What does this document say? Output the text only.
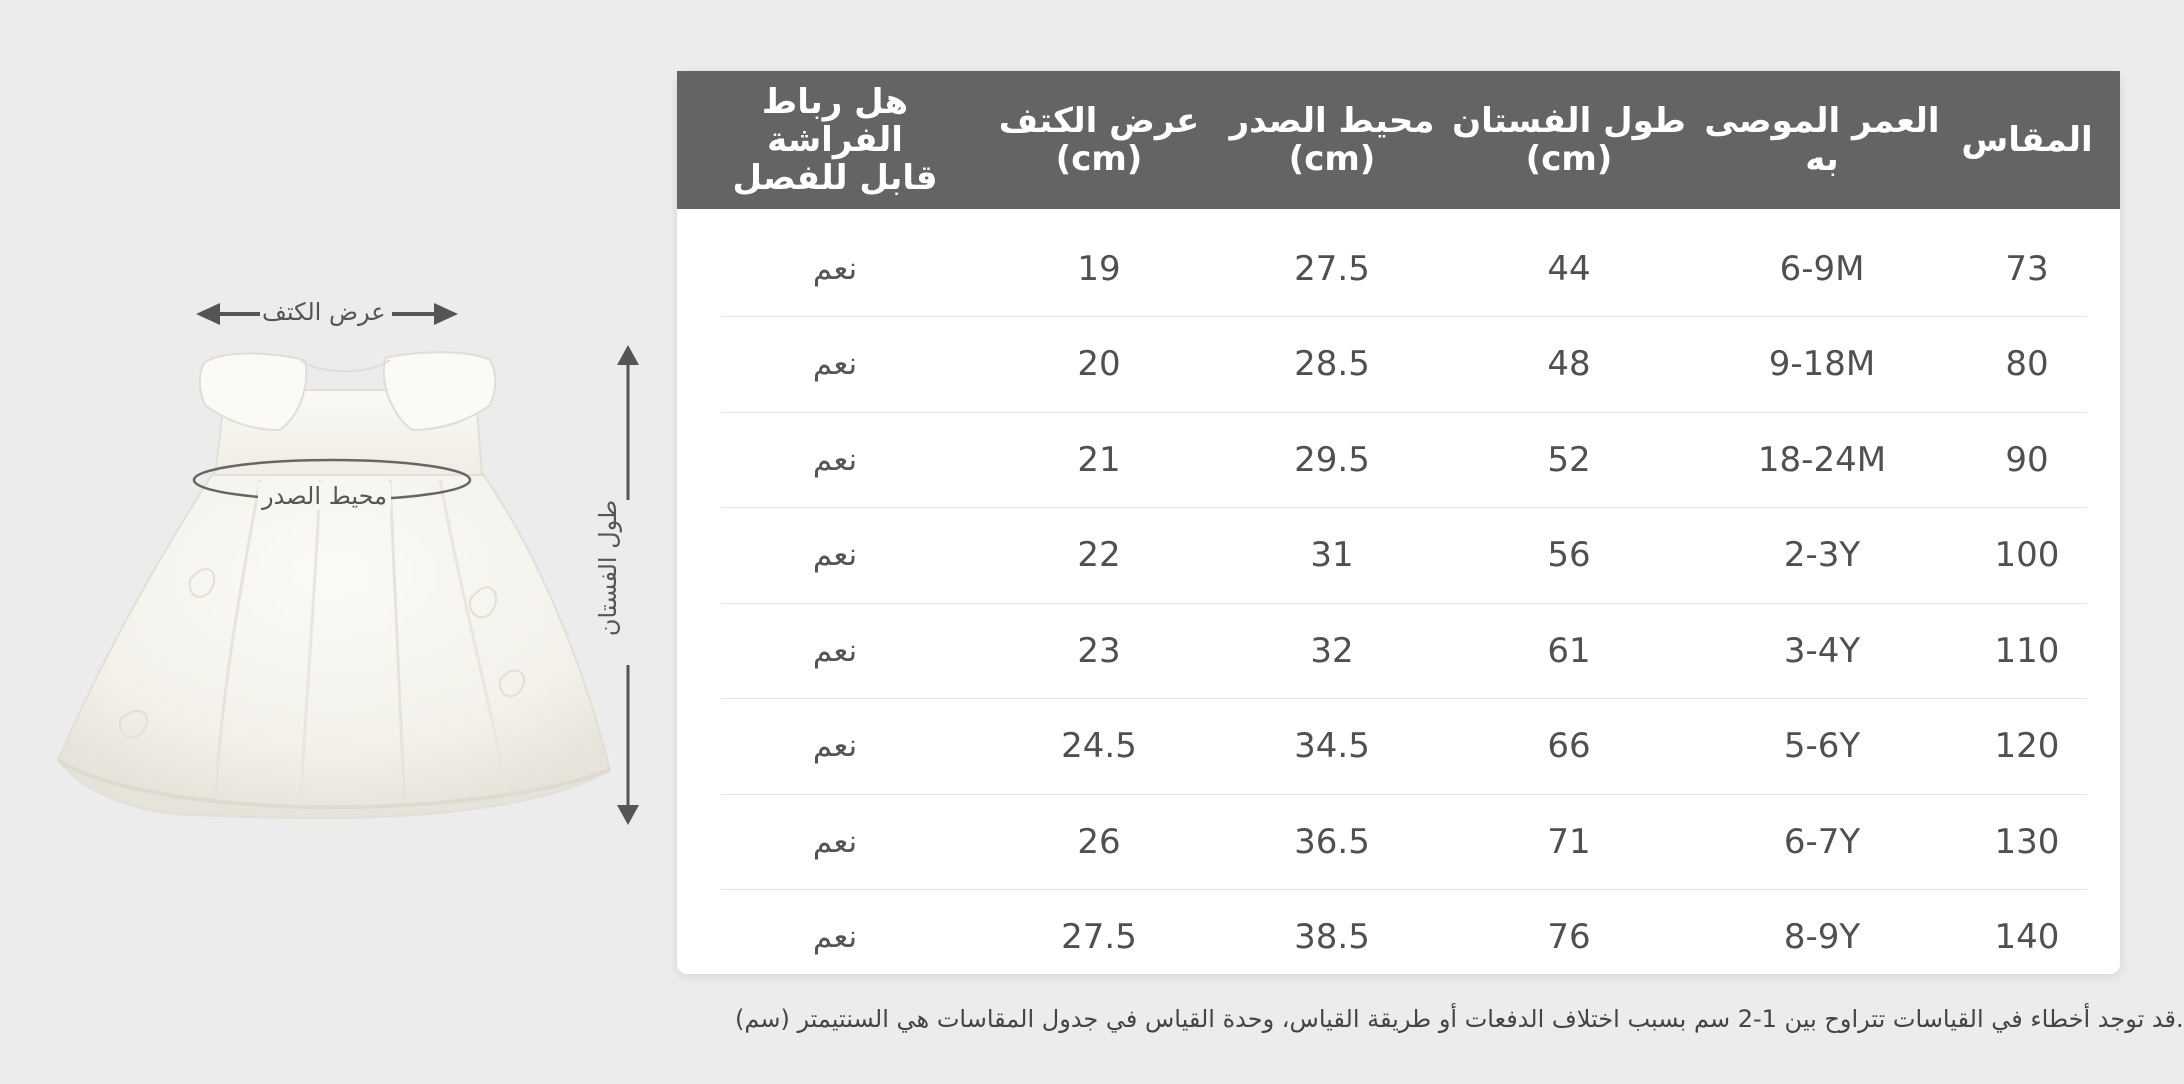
عرض الكتف
محيط الصدر
طول الفستان
المقاس
العمر الموصى به
طول الفستان
(cm)
محيط الصدر
(cm)
عرض الكتف
(cm)
هل رباط الفراشة
قابل للفصل
73
6-9M
44
27.5
19
نعم
80
9-18M
48
28.5
20
نعم
90
18-24M
52
29.5
21
نعم
100
2-3Y
56
31
22
نعم
110
3-4Y
61
32
23
نعم
120
5-6Y
66
34.5
24.5
نعم
130
6-7Y
71
36.5
26
نعم
140
8-9Y
76
38.5
27.5
نعم
قد توجد أخطاء في القياسات تتراوح بين 1-2 سم بسبب اختلاف الدفعات أو طريقة القياس، وحدة القياس في جدول المقاسات هي السنتيمتر (سم).
